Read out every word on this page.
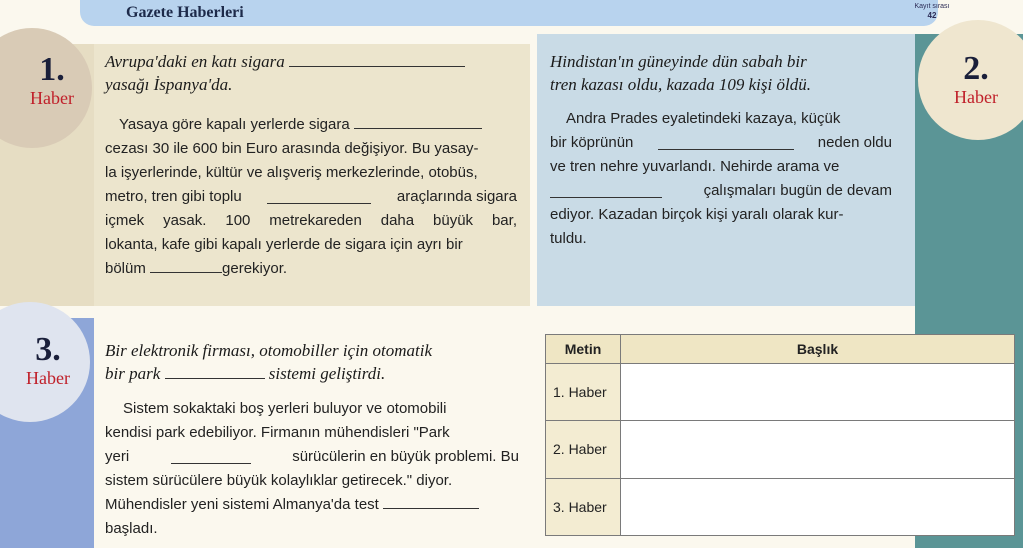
Gazete Haberleri	Kayıt sırası
42
1.
Haber
2.
Haber
3.
Haber
Avrupa'daki en katı sigara
yasağı İspanya'da.
Yasaya göre kapalı yerlerde sigara
cezası 30 ile 600 bin Euro arasında değişiyor. Bu yasay-
la işyerlerinde, kültür ve alışveriş merkezlerinde, otobüs,
metro, tren gibi toplu	araçlarında sigara
içmek yasak. 100 metrekareden daha büyük bar,
lokanta, kafe gibi kapalı yerlerde de sigara için ayrı bir
bölüm	gerekiyor.
Hindistan'ın güneyinde dün sabah bir
tren kazası oldu, kazada 109 kişi öldü.
Andra Prades eyaletindeki kazaya, küçük
bir köprünün	neden oldu
ve tren nehre yuvarlandı. Nehirde arama ve
çalışmaları bugün de devam
ediyor. Kazadan birçok kişi yaralı olarak kur-
tuldu.
Bir elektronik firması, otomobiller için otomatik
bir park	sistemi geliştirdi.
Sistem sokaktaki boş yerleri buluyor ve otomobili
kendisi park edebiliyor. Firmanın mühendisleri "Park
yeri	sürücülerin en büyük problemi. Bu
sistem sürücülere büyük kolaylıklar getirecek." diyor.
Mühendisler yeni sistemi Almanya'da test
başladı.
Metin	Başlık
1. Haber	
2. Haber	
3. Haber	
